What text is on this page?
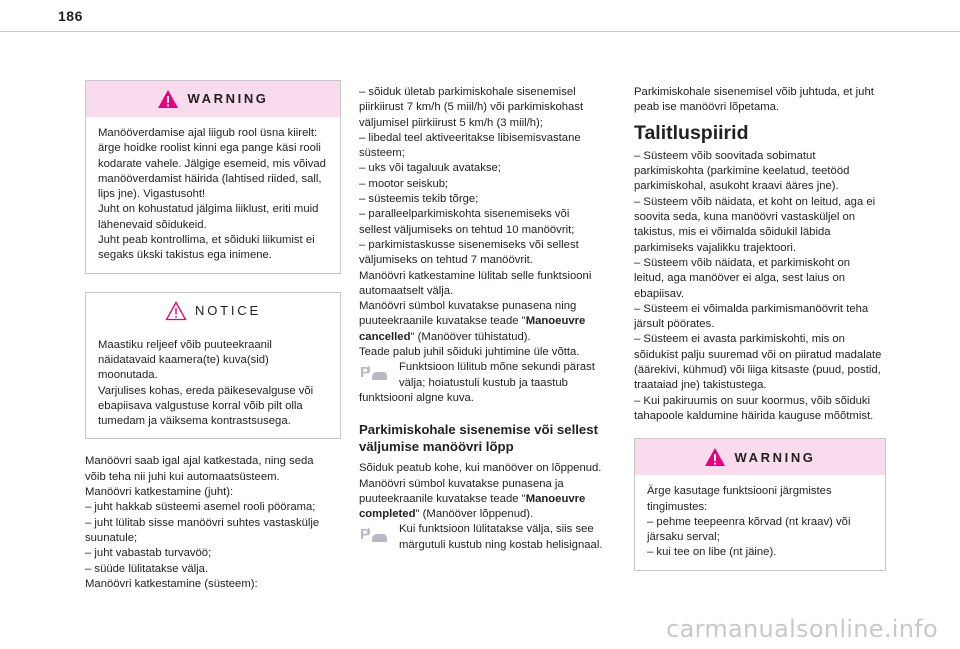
186
WARNING
Manööverdamise ajal liigub rool üsna kiirelt: ärge hoidke roolist kinni ega pange käsi rooli kodarate vahele. Jälgige esemeid, mis võivad manööverdamist häirida (lahtised riided, sall, lips jne). Vigastusoht!
Juht on kohustatud jälgima liiklust, eriti muid lähenevaid sõidukeid.
Juht peab kontrollima, et sõiduki liikumist ei segaks ükski takistus ega inimene.
NOTICE
Maastiku reljeef võib puuteekraanil näidatavaid kaamera(te) kuva(sid) moonutada.
Varjulises kohas, ereda päikesevalguse või ebapiisava valgustuse korral võib pilt olla tumedam ja väiksema kontrastsusega.

Manöövri saab igal ajal katkestada, ning seda võib teha nii juhi kui automaatsüsteem.
Manöövri katkestamine (juht):
– juht hakkab süsteemi asemel rooli pöörama;
– juht lülitab sisse manöövri suhtes vastaskülje suunatule;
– juht vabastab turvavöö;
– süüde lülitatakse välja.
Manöövri katkestamine (süsteem):

– sõiduk ületab parkimiskohale sisenemisel piirkiirust 7 km/h (5 miil/h) või parkimiskohast väljumisel piirkiirust 5 km/h (3 miil/h);
– libedal teel aktiveeritakse libisemisvastane süsteem;
– uks või tagaluuk avatakse;
– mootor seiskub;
– süsteemis tekib tõrge;
– paralleelparkimiskohta sisenemiseks või sellest väljumiseks on tehtud 10 manöövrit;
– parkimistaskusse sisenemiseks või sellest väljumiseks on tehtud 7 manöövrit.

Manöövri katkestamine lülitab selle funktsiooni automaatselt välja.

Manöövri sümbol kuvatakse punasena ning puuteekraanile kuvatakse teade "Manoeuvre cancelled" (Manööver tühistatud).

Teade palub juhil sõiduki juhtimine üle võtta.

P	Funktsioon lülitub mõne sekundi pärast välja; hoiatustuli kustub ja taastub

funktsiooni algne kuva.

Parkimiskohale sisenemise või sellest väljumise manöövri lõpp

Sõiduk peatub kohe, kui manööver on lõppenud.

Manöövri sümbol kuvatakse punasena ja puuteekraanile kuvatakse teade "Manoeuvre completed" (Manööver lõppenud).

P	Kui funktsioon lülitatakse välja, siis see märgutuli kustub ning kostab helisignaal.

Parkimiskohale sisenemisel võib juhtuda, et juht peab ise manöövri lõpetama.

Talitluspiirid

– Süsteem võib soovitada sobimatut parkimiskohta (parkimine keelatud, teetööd parkimiskohal, asukoht kraavi ääres jne).
– Süsteem võib näidata, et koht on leitud, aga ei soovita seda, kuna manöövri vastasküljel on takistus, mis ei võimalda sõidukil läbida parkimiseks vajalikku trajektoori.
– Süsteem võib näidata, et parkimiskoht on leitud, aga manööver ei alga, sest laius on ebapiisav.
– Süsteem ei võimalda parkimismanöövrit teha järsult pöörates.
– Süsteem ei avasta parkimiskohti, mis on sõidukist palju suuremad või on piiratud madalate (äärekivi, kühmud) või liiga kitsaste (puud, postid, traataiad jne) takistustega.
– Kui pakiruumis on suur koormus, võib sõiduki tahapoole kaldumine häirida kauguse mõõtmist.

WARNING
Ärge kasutage funktsiooni järgmistes tingimustes:
– pehme teepeenra kõrvad (nt kraav) või järsaku serval;
– kui tee on libe (nt jäine).
carmanualsonline.info
